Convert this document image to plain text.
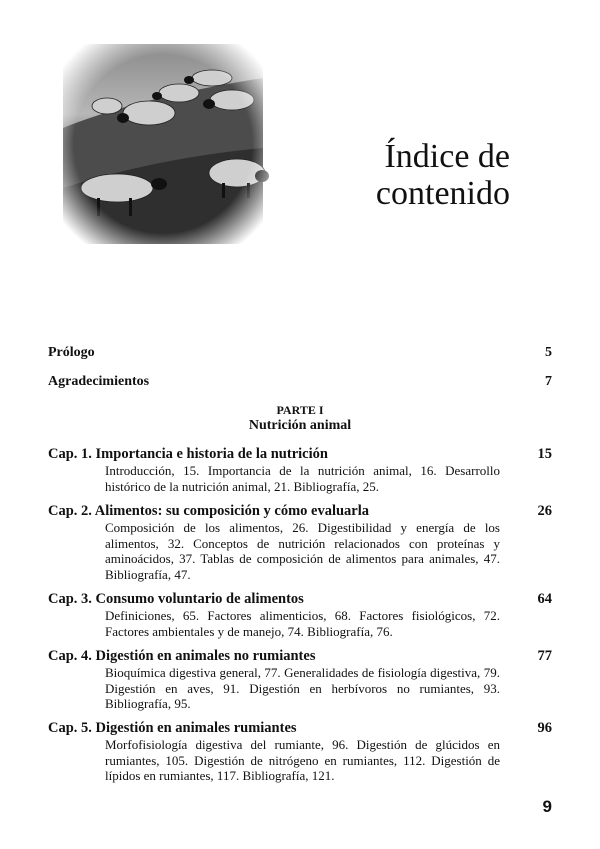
Índice de
contenido
Prólogo	5
Agradecimientos	7
PARTE I
Nutrición animal
Cap. 1. Importancia e historia de la nutrición	15
Introducción, 15. Importancia de la nutrición animal, 16. Desarrollo histórico de la nutrición animal, 21. Bibliografía, 25.
Cap. 2. Alimentos: su composición y cómo evaluarla	26
Composición de los alimentos, 26. Digestibilidad y energía de los alimentos, 32. Conceptos de nutrición relacionados con proteínas y aminoácidos, 37. Tablas de composición de alimentos para animales, 47. Bibliografía, 47.
Cap. 3. Consumo voluntario de alimentos	64
Definiciones, 65. Factores alimenticios, 68. Factores fisiológicos, 72. Factores ambientales y de manejo, 74. Bibliografía, 76.
Cap. 4. Digestión en animales no rumiantes	77
Bioquímica digestiva general, 77. Generalidades de fisiología digestiva, 79. Digestión en aves, 91. Digestión en herbívoros no rumiantes, 93. Bibliografía, 95.
Cap. 5. Digestión en animales rumiantes	96
Morfofisiología digestiva del rumiante, 96. Digestión de glúcidos en rumiantes, 105. Digestión de nitrógeno en rumiantes, 112. Digestión de lípidos en rumiantes, 117. Bibliografía, 121.
9
